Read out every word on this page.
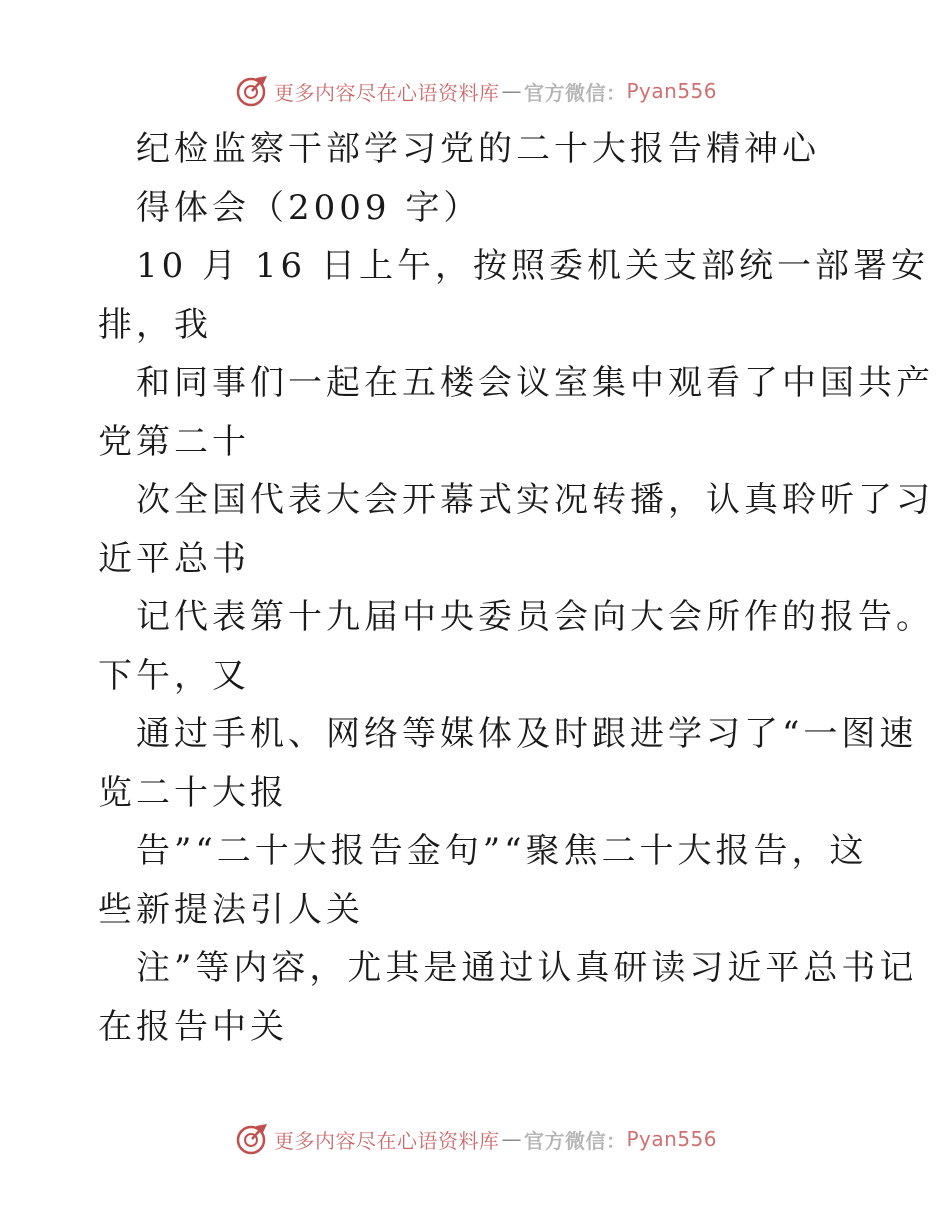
更多内容尽在心语资料库 — 官方微信： Pyan556
纪检监察干部学习党的二十大报告精神心
得体会（2009 字）
10 月 16 日上午，按照委机关支部统一部署安
排，我
和同事们一起在五楼会议室集中观看了中国共产
党第二十
次全国代表大会开幕式实况转播，认真聆听了习
近平总书
记代表第十九届中央委员会向大会所作的报告。
下午，又
通过手机、网络等媒体及时跟进学习了“一图速
览二十大报
告”“二十大报告金句”“聚焦二十大报告，这
些新提法引人关
注”等内容，尤其是通过认真研读习近平总书记
在报告中关
更多内容尽在心语资料库 — 官方微信： Pyan556
